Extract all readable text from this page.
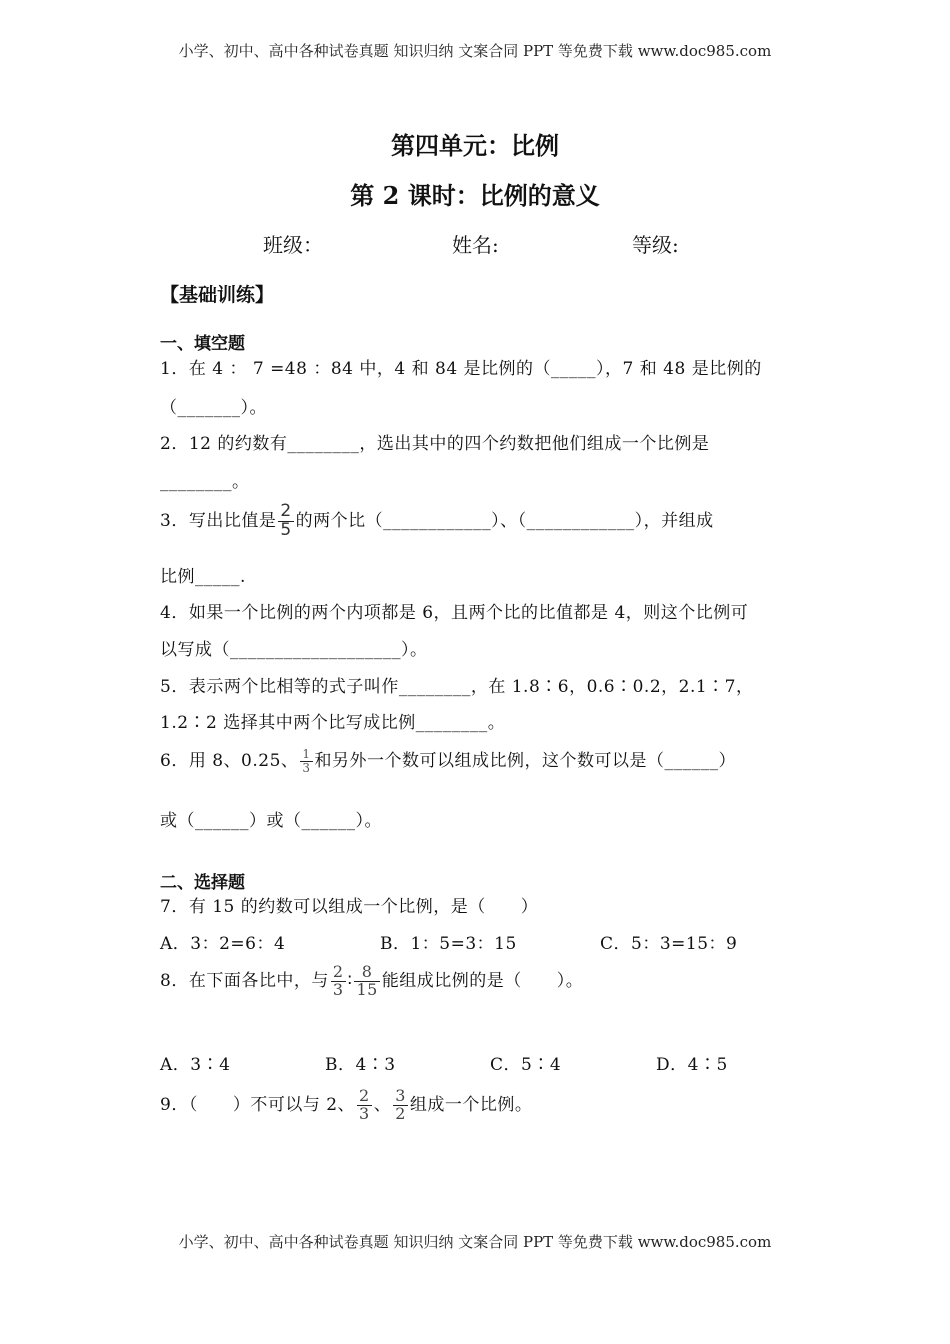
小学、初中、高中各种试卷真题 知识归纳 文案合同 PPT 等免费下载 www.doc985.com
小学、初中、高中各种试卷真题 知识归纳 文案合同 PPT 等免费下载 www.doc985.com
第四单元：比例
第 2 课时：比例的意义
班级：	姓名:	等级:
【基础训练】
一、填空题
1．在 4 ： 7 =48 ：84 中，4 和 84 是比例的（_____），7 和 48 是比例的
（_______）。
2．12 的约数有________，选出其中的四个约数把他们组成一个比例是
________。
3．写出比值是 $\frac{2}{5}$ 的两个比（____________）、（____________），并组成
比例_____.
4．如果一个比例的两个内项都是 6，且两个比的比值都是 4，则这个比例可
以写成（___________________）。
5．表示两个比相等的式子叫作________，在 1.8∶6，0.6∶0.2，2.1∶7，
1.2∶2 选择其中两个比写成比例________。
6．用 8、0.25、 $\frac{1}{3}$ 和另外一个数可以组成比例，这个数可以是（______）
或（______）或（______）。
二、选择题
7．有 15 的约数可以组成一个比例，是（　　）
A．3：2=6：4	B．1：5=3：15	C．5：3=15：9
8．在下面各比中，与 $\frac{2}{3}$ ∶ $\frac{8}{15}$ 能组成比例的是（　　）。
A．3∶4	B．4∶3	C．5∶4	D．4∶5
9．（　　）不可以与 2、 $\frac{2}{3}$ 、 $\frac{3}{2}$ 组成一个比例。
